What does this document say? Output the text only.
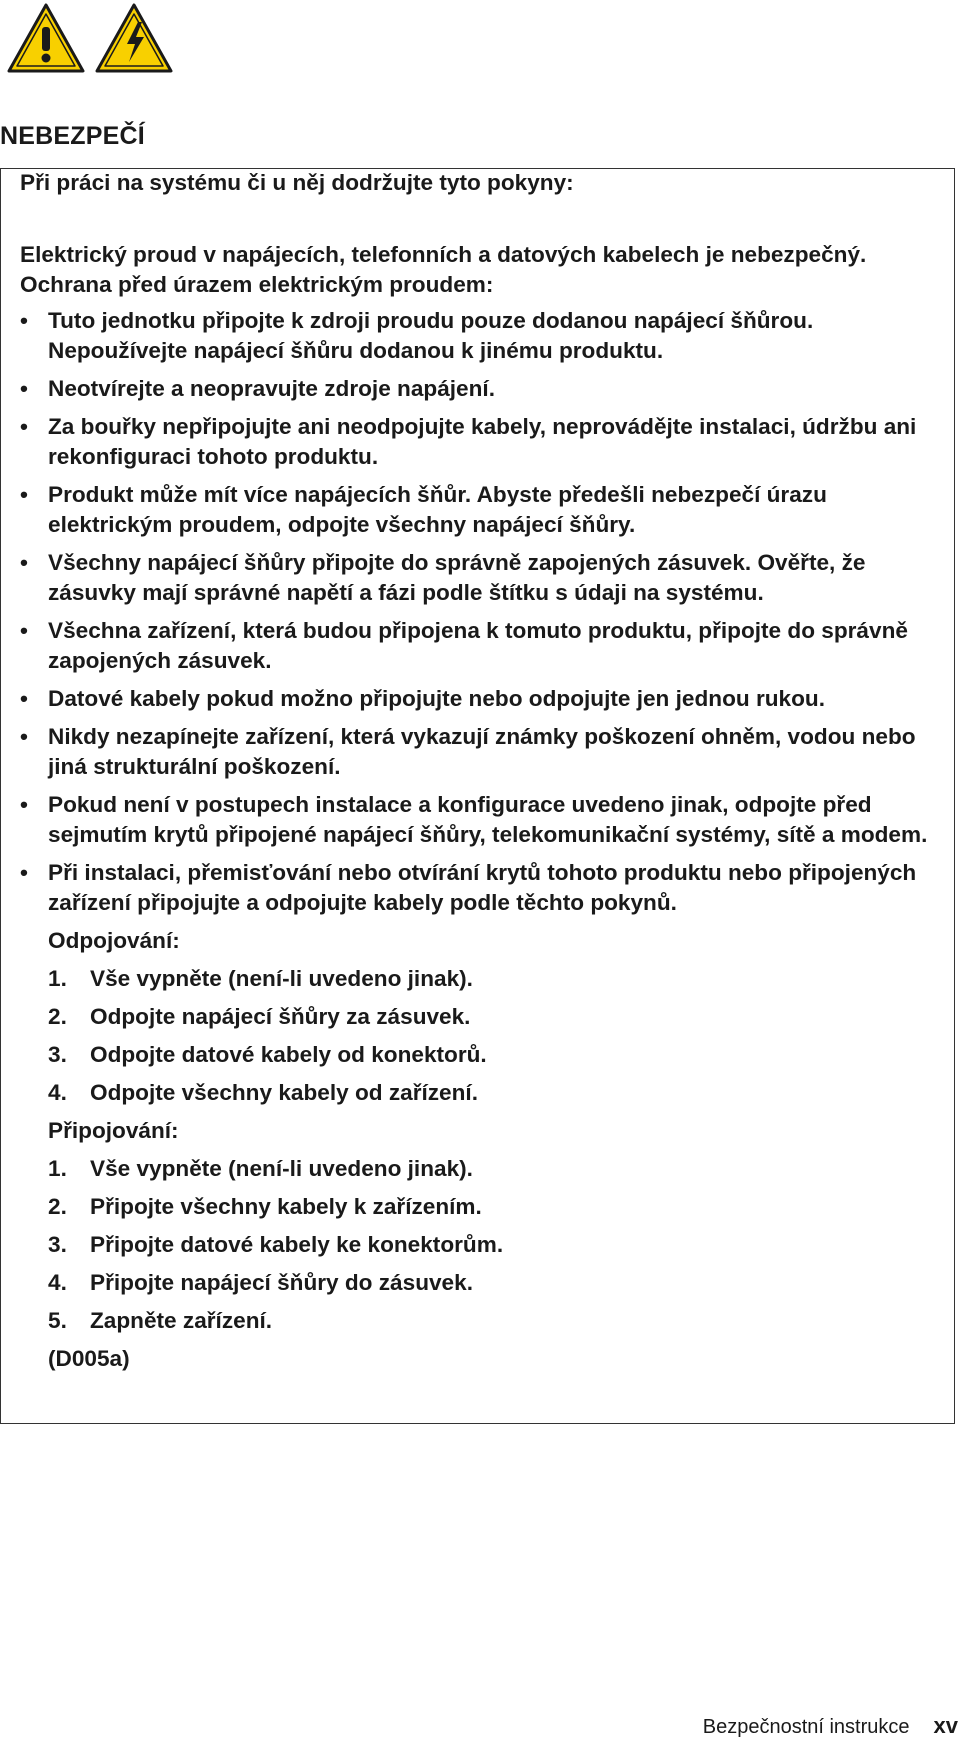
NEBEZPEČÍ

Při práci na systému či u něj dodržujte tyto pokyny:

Elektrický proud v napájecích, telefonních a datových kabelech je nebezpečný. Ochrana před úrazem elektrickým proudem:

• Tuto jednotku připojte k zdroji proudu pouze dodanou napájecí šňůrou. Nepoužívejte napájecí šňůru dodanou k jinému produktu.
• Neotvírejte a neopravujte zdroje napájení.
• Za bouřky nepřipojujte ani neodpojujte kabely, neprovádějte instalaci, údržbu ani rekonfiguraci tohoto produktu.
• Produkt může mít více napájecích šňůr. Abyste předešli nebezpečí úrazu elektrickým proudem, odpojte všechny napájecí šňůry.
• Všechny napájecí šňůry připojte do správně zapojených zásuvek. Ověřte, že zásuvky mají správné napětí a fázi podle štítku s údaji na systému.
• Všechna zařízení, která budou připojena k tomuto produktu, připojte do správně zapojených zásuvek.
• Datové kabely pokud možno připojujte nebo odpojujte jen jednou rukou.
• Nikdy nezapínejte zařízení, která vykazují známky poškození ohněm, vodou nebo jiná strukturální poškození.
• Pokud není v postupech instalace a konfigurace uvedeno jinak, odpojte před sejmutím krytů připojené napájecí šňůry, telekomunikační systémy, sítě a modem.
• Při instalaci, přemisťování nebo otvírání krytů tohoto produktu nebo připojených zařízení připojujte a odpojujte kabely podle těchto pokynů.

Odpojování:

1. Vše vypněte (není-li uvedeno jinak).
2. Odpojte napájecí šňůry za zásuvek.
3. Odpojte datové kabely od konektorů.
4. Odpojte všechny kabely od zařízení.

Připojování:

1. Vše vypněte (není-li uvedeno jinak).
2. Připojte všechny kabely k zařízením.
3. Připojte datové kabely ke konektorům.
4. Připojte napájecí šňůry do zásuvek.
5. Zapněte zařízení.

(D005a)

Bezpečnostní instrukce xv
